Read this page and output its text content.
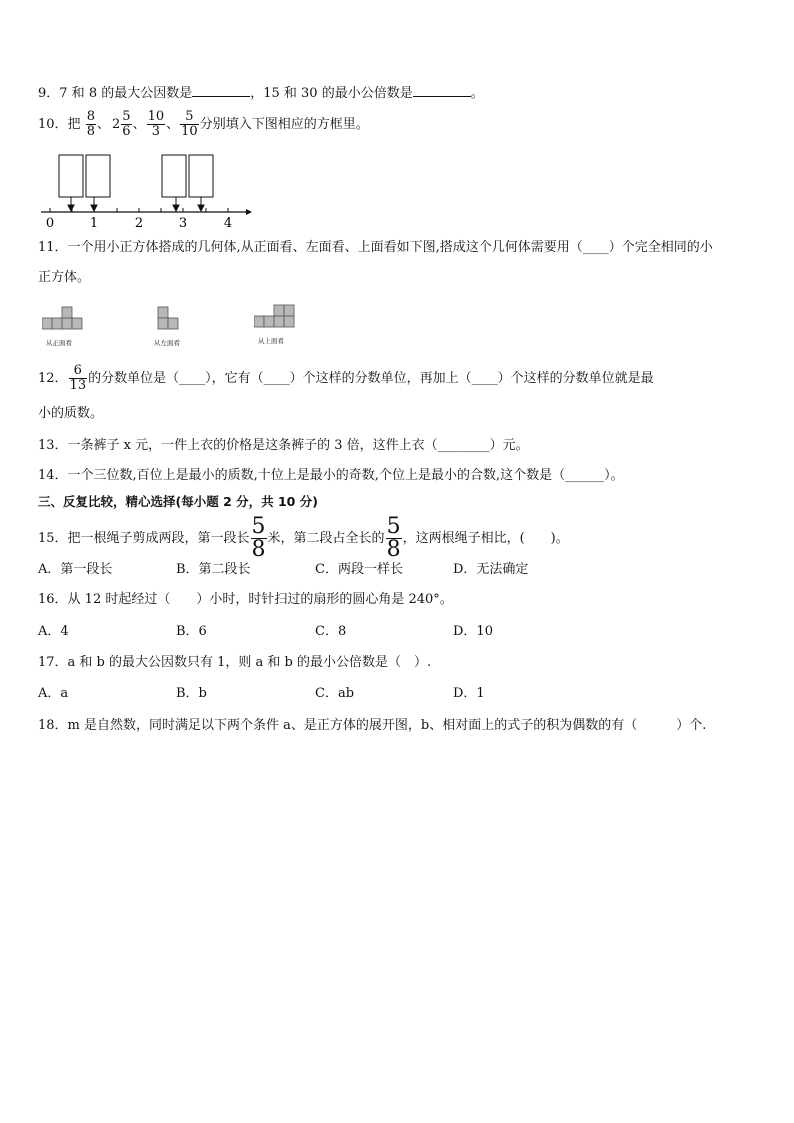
9．7 和 8 的最大公因数是	，15 和 30 的最小公倍数是	。
10．把 $\frac{8}{8}$ 、 $2 \frac{5}{6}$ 、 $\frac{10}{3}$ 、 $\frac{5}{10}$ 分别填入下图相应的方框里。
0	1	2	3	4
11．一个用小正方体搭成的几何体,从正面看、左面看、上面看如下图,搭成这个几何体需要用（____）个完全相同的小
正方体。
从正面看	从左面看	从上面看
12． $\frac{6}{13}$ 的分数单位是（____），它有（____）个这样的分数单位，再加上（____）个这样的分数单位就是最
小的质数。
13．一条裤子 x 元，一件上衣的价格是这条裤子的 3 倍，这件上衣（________）元。
14．一个三位数,百位上是最小的质数,十位上是最小的奇数,个位上是最小的合数,这个数是（______）。
三、反复比较，精心选择(每小题 2 分，共 10 分)
15．把一根绳子剪成两段，第一段长 $\frac{5}{8}$ 米，第二段占全长的 $\frac{5}{8}$ ，这两根绳子相比，(　　)。
A．第一段长	B．第二段长	C．两段一样长	D．无法确定
16．从 12 时起经过（　　）小时，时针扫过的扇形的圆心角是 240°。
A．4	B．6	C．8	D．10
17．a 和 b 的最大公因数只有 1，则 a 和 b 的最小公倍数是（　）.
A．a	B．b	C．ab	D．1
18．m 是自然数，同时满足以下两个条件 a、是正方体的展开图，b、相对面上的式子的积为偶数的有（　　　）个.
